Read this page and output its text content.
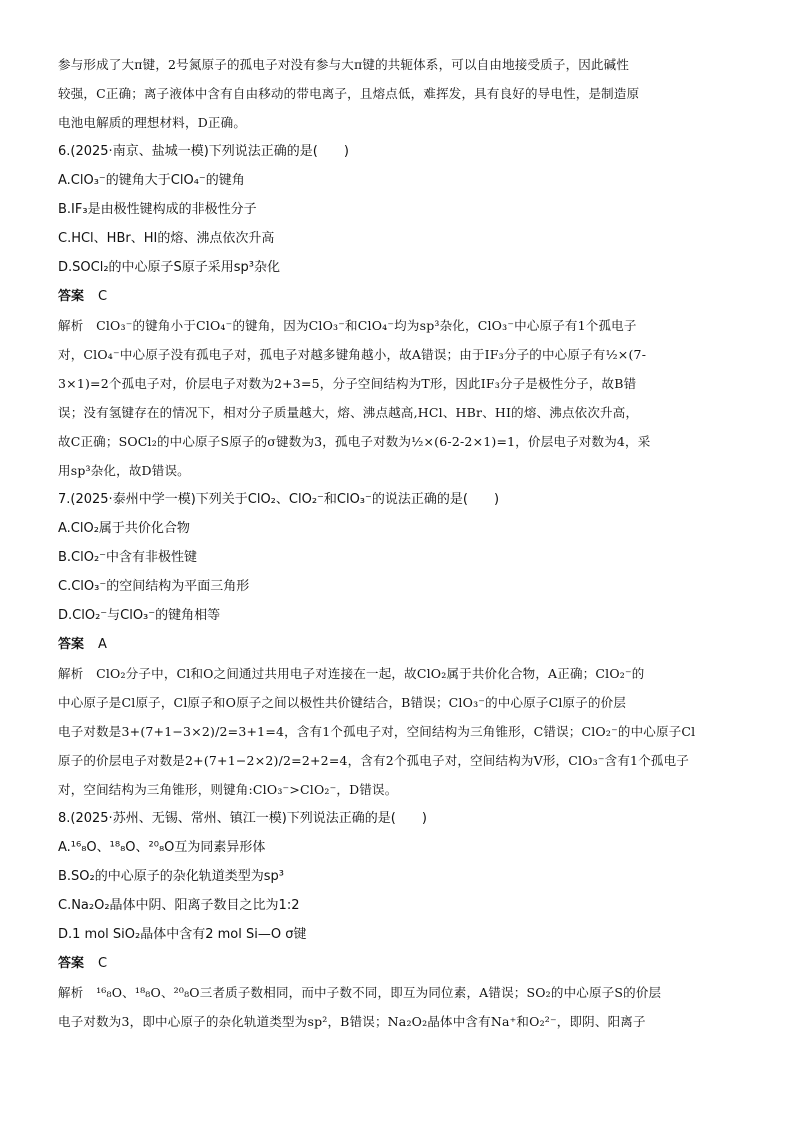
参与形成了大π键，2号氮原子的孤电子对没有参与大π键的共轭体系，可以自由地接受质子，因此碱性
较强，C正确；离子液体中含有自由移动的带电离子，且熔点低，难挥发，具有良好的导电性，是制造原
电池电解质的理想材料，D正确。
6.(2025·南京、盐城一模)下列说法正确的是(　　)
A.ClO₃⁻的键角大于ClO₄⁻的键角
B.IF₃是由极性键构成的非极性分子
C.HCl、HBr、HI的熔、沸点依次升高
D.SOCl₂的中心原子S原子采用sp³杂化
答案 C
解析　ClO₃⁻的键角小于ClO₄⁻的键角，因为ClO₃⁻和ClO₄⁻均为sp³杂化，ClO₃⁻中心原子有1个孤电子
对，ClO₄⁻中心原子没有孤电子对，孤电子对越多键角越小，故A错误；由于IF₃分子的中心原子有½×(7-
3×1)=2个孤电子对，价层电子对数为2+3=5，分子空间结构为T形，因此IF₃分子是极性分子，故B错
误；没有氢键存在的情况下，相对分子质量越大，熔、沸点越高,HCl、HBr、HI的熔、沸点依次升高，
故C正确；SOCl₂的中心原子S原子的σ键数为3，孤电子对数为½×(6-2-2×1)=1，价层电子对数为4，采
用sp³杂化，故D错误。
7.(2025·泰州中学一模)下列关于ClO₂、ClO₂⁻和ClO₃⁻的说法正确的是(　　)
A.ClO₂属于共价化合物
B.ClO₂⁻中含有非极性键
C.ClO₃⁻的空间结构为平面三角形
D.ClO₂⁻与ClO₃⁻的键角相等
答案 A
解析　ClO₂分子中，Cl和O之间通过共用电子对连接在一起，故ClO₂属于共价化合物，A正确；ClO₂⁻的
中心原子是Cl原子，Cl原子和O原子之间以极性共价键结合，B错误；ClO₃⁻的中心原子Cl原子的价层
电子对数是3+(7+1−3×2)/2=3+1=4，含有1个孤电子对，空间结构为三角锥形，C错误；ClO₂⁻的中心原子Cl
原子的价层电子对数是2+(7+1−2×2)/2=2+2=4，含有2个孤电子对，空间结构为V形，ClO₃⁻含有1个孤电子
对，空间结构为三角锥形，则键角:ClO₃⁻>ClO₂⁻，D错误。
8.(2025·苏州、无锡、常州、镇江一模)下列说法正确的是(　　)
A.¹⁶₈O、¹⁸₈O、²⁰₈O互为同素异形体
B.SO₂的中心原子的杂化轨道类型为sp³
C.Na₂O₂晶体中阴、阳离子数目之比为1:2
D.1 mol SiO₂晶体中含有2 mol Si—O σ键
答案 C
解析　¹⁶₈O、¹⁸₈O、²⁰₈O三者质子数相同，而中子数不同，即互为同位素，A错误；SO₂的中心原子S的价层
电子对数为3，即中心原子的杂化轨道类型为sp²，B错误；Na₂O₂晶体中含有Na⁺和O₂²⁻，即阴、阳离子
